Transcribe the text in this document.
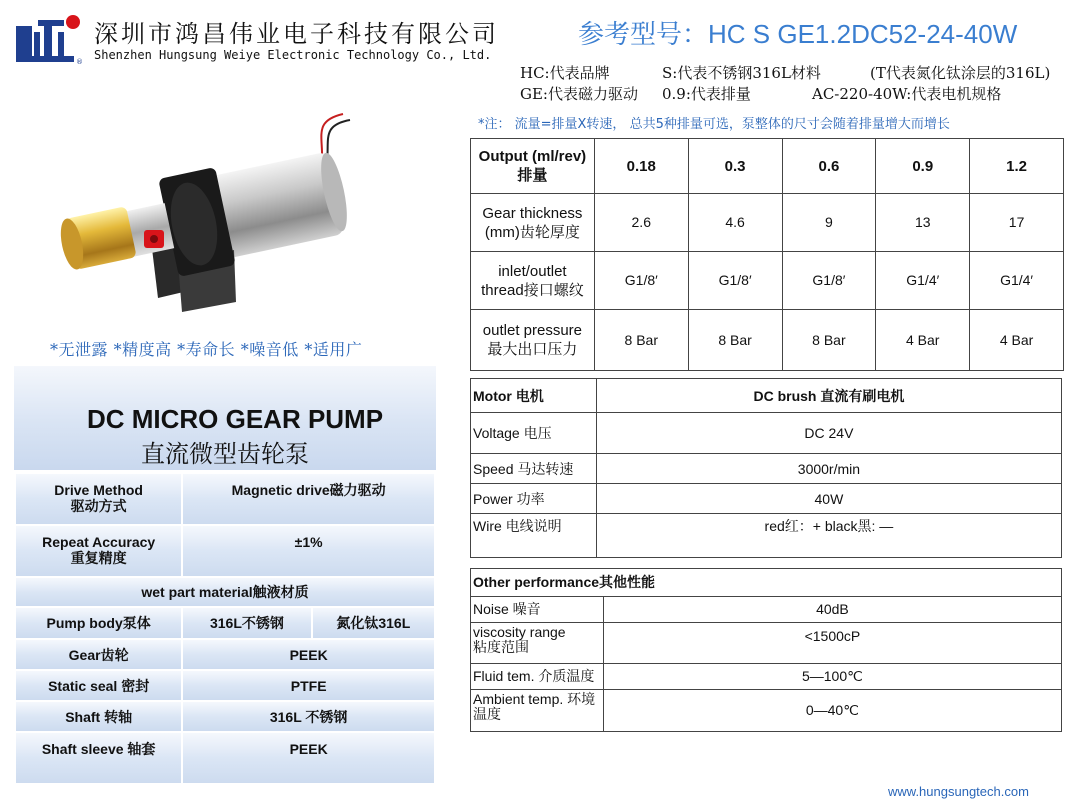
®
深圳市鸿昌伟业电子科技有限公司
Shenzhen Hungsung Weiye Electronic Technology Co., Ltd.
参考型号：HC S GE1.2DC52-24-40W
HC:代表品牌	S:代表不锈钢316L材料	(T代表氮化钛涂层的316L)
GE:代表磁力驱动 0.9:代表排量	AC-220-40W:代表电机规格
*注： 流量=排量X转速， 总共5种排量可选，泵整体的尺寸会随着排量增大而增长
*无泄露 *精度高 *寿命长 *噪音低 *适用广
DC MICRO GEAR PUMP
直流微型齿轮泵
Drive Method
驱动方式	Magnetic drive磁力驱动	

Repeat Accuracy
重复精度	±1%	
wet part material触液材质		
Pump body泵体	316L不锈钢	氮化钛316L
Gear齿轮	PEEK	
Static seal 密封	PTFE	
Shaft 转轴	316L 不锈钢	
Shaft sleeve 轴套	PEEK	
Output (ml/rev)
排量	0.18	0.3	0.6	0.9	1.2

Gear thickness
(mm)齿轮厚度	2.6	4.6	9	13	17

inlet/outlet
thread接口螺纹	G1/8′	G1/8′	G1/8′	G1/4′	G1/4′

outlet pressure
最大出口压力	8 Bar	8 Bar	8 Bar	4 Bar	4 Bar
Motor 电机	DC brush 直流有刷电机
Voltage 电压	DC 24V
Speed 马达转速	3000r/min
Power 功率	40W
Wire 电线说明	red红：+ black黑: —
Other performance其他性能	
Noise 噪音	40dB
viscosity range
粘度范围	<1500cP
Fluid tem. 介质温度	5—100℃
Ambient temp. 环境
温度	0—40℃
www.hungsungtech.com
